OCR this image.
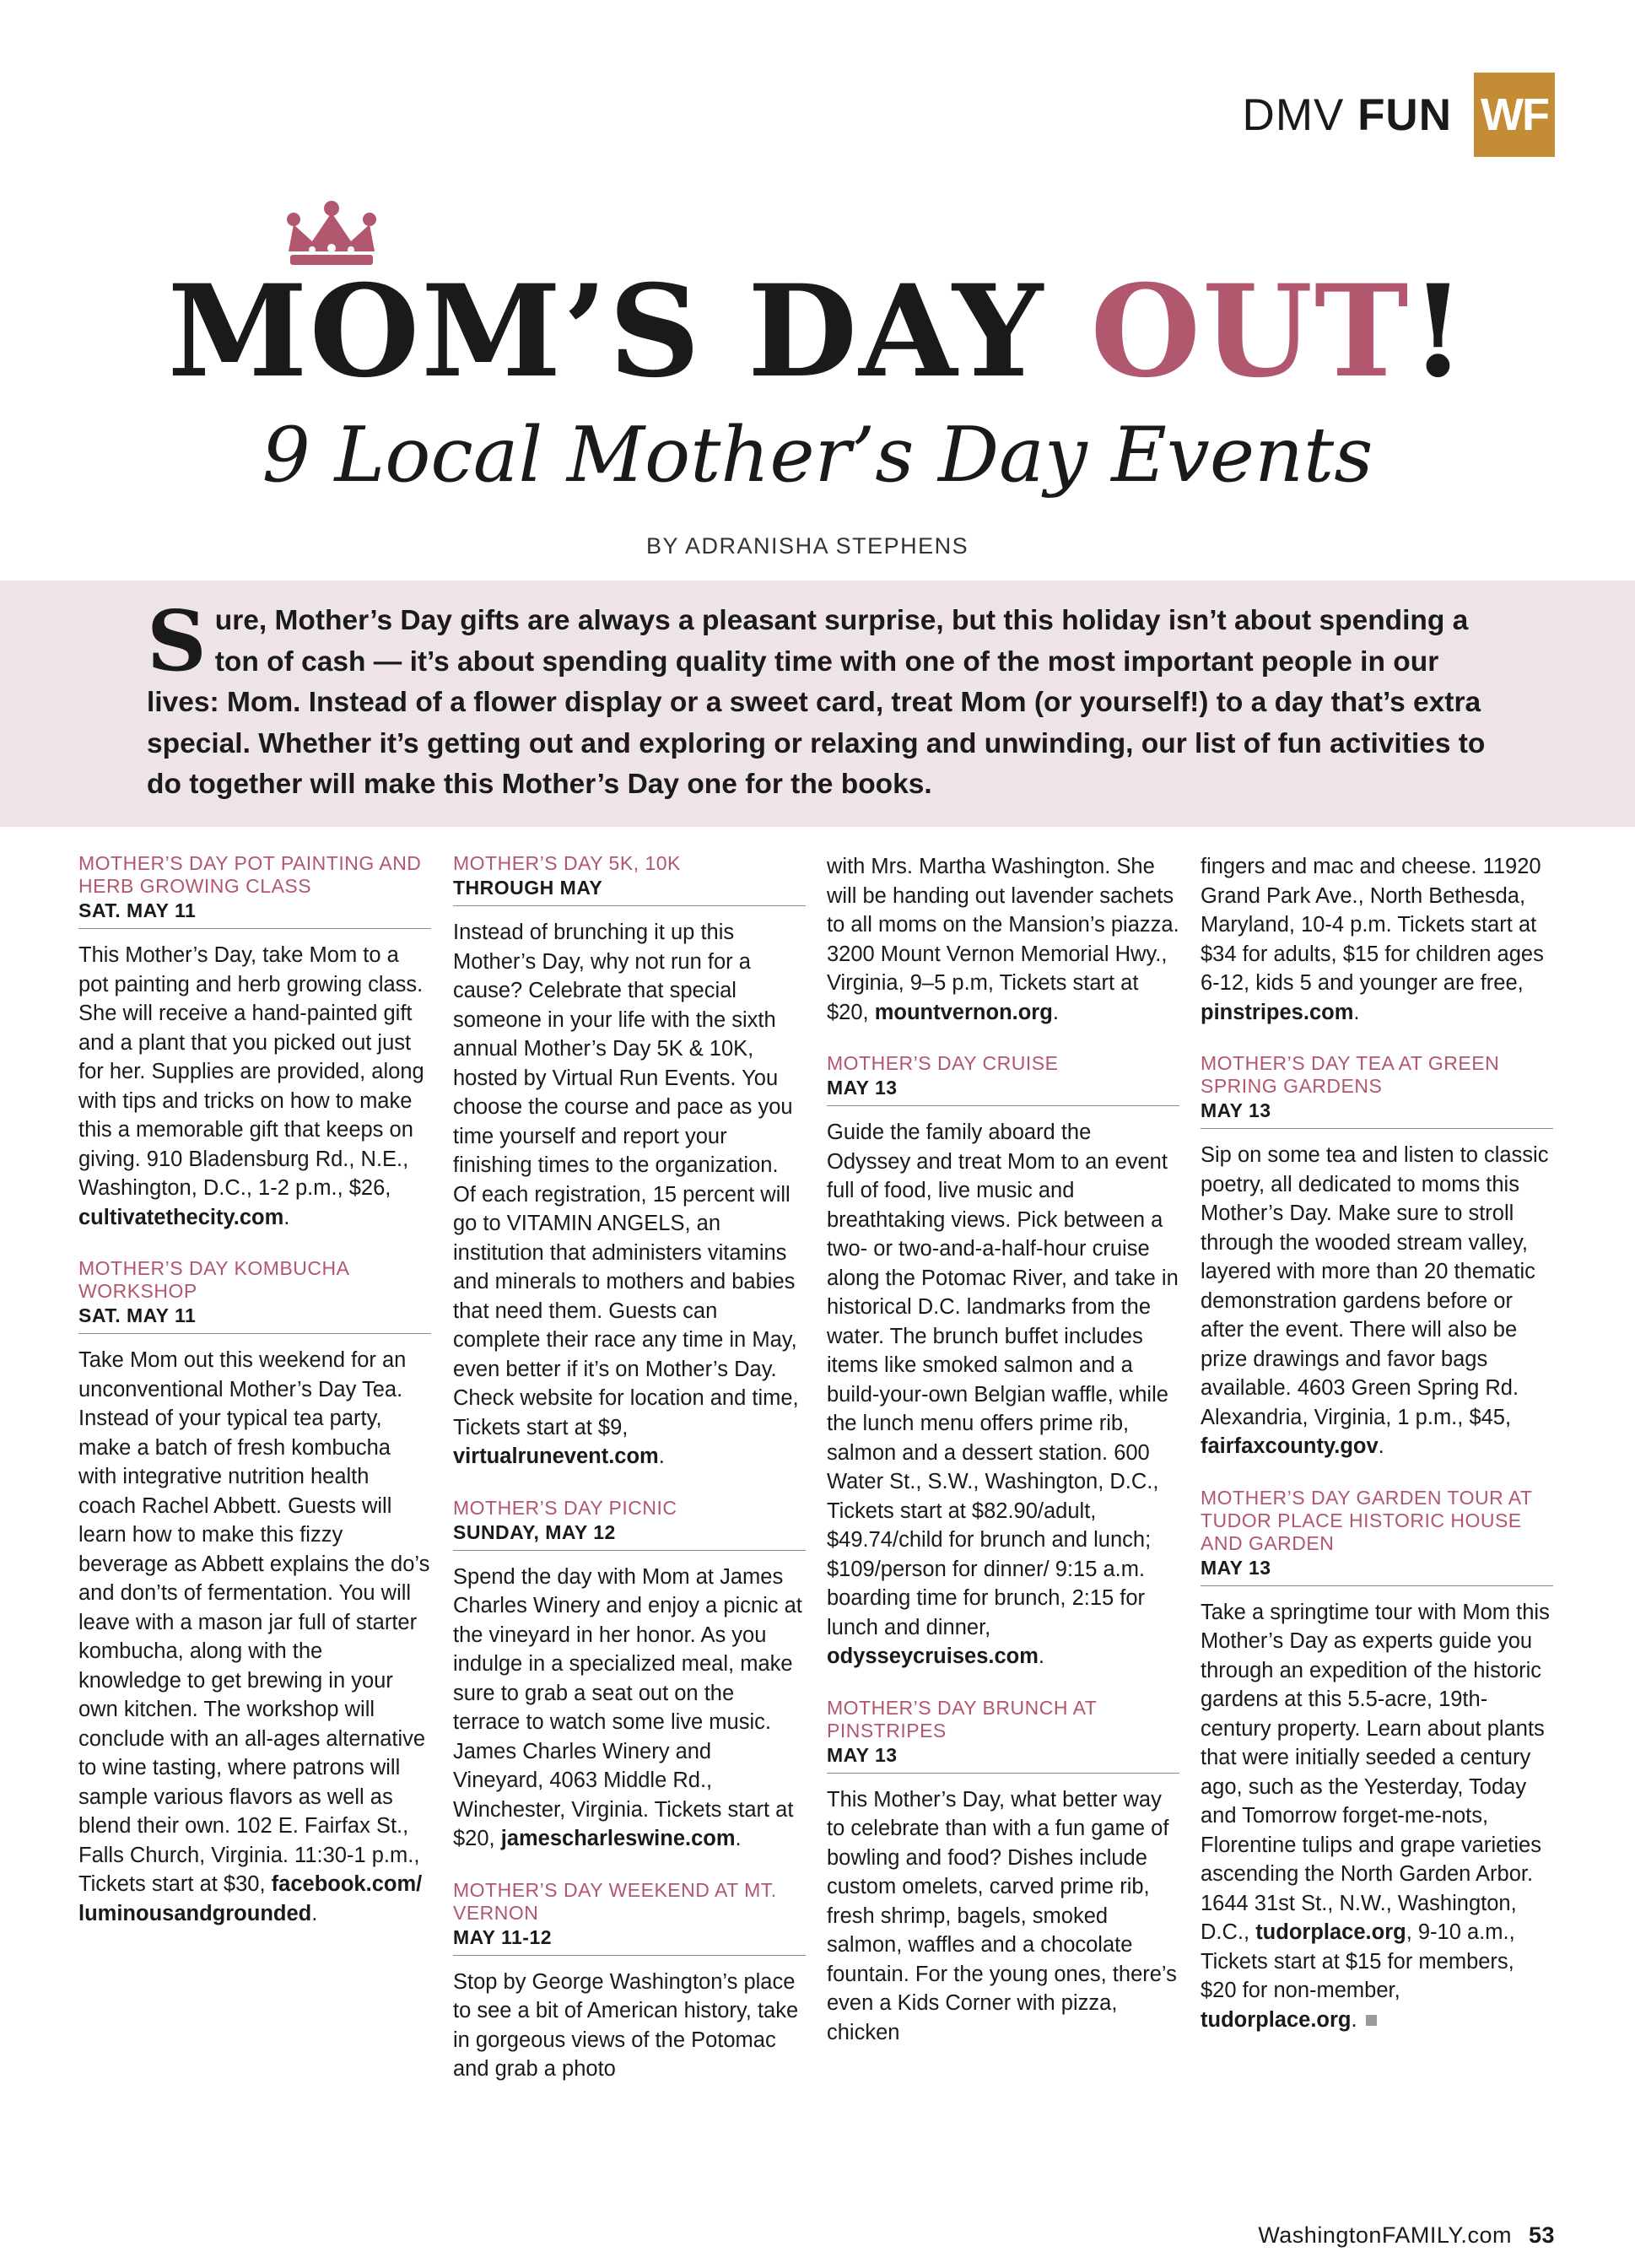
DMV FUN WF
MOM’S DAY OUT!
9 Local Mother’s Day Events
BY ADRANISHA STEPHENS
Sure, Mother’s Day gifts are always a pleasant surprise, but this holiday isn’t about spending a ton of cash — it’s about spending quality time with one of the most important people in our lives: Mom. Instead of a flower display or a sweet card, treat Mom (or yourself!) to a day that’s extra special. Whether it’s getting out and exploring or relaxing and unwinding, our list of fun activities to do together will make this Mother’s Day one for the books.
MOTHER’S DAY POT PAINTING AND HERB GROWING CLASS
SAT. MAY 11
This Mother’s Day, take Mom to a pot painting and herb growing class. She will receive a hand-painted gift and a plant that you picked out just for her. Supplies are provided, along with tips and tricks on how to make this a memorable gift that keeps on giving. 910 Bladensburg Rd., N.E., Washington, D.C., 1-2 p.m., $26, cultivatethecity.com.
MOTHER’S DAY KOMBUCHA WORKSHOP
SAT. MAY 11
Take Mom out this weekend for an unconventional Mother’s Day Tea. Instead of your typical tea party, make a batch of fresh kombucha with integrative nutrition health coach Rachel Abbett. Guests will learn how to make this fizzy beverage as Abbett explains the do’s and don’ts of fermentation. You will leave with a mason jar full of starter kombucha, along with the knowledge to get brewing in your own kitchen. The workshop will conclude with an all-ages alternative to wine tasting, where patrons will sample various flavors as well as blend their own. 102 E. Fairfax St., Falls Church, Virginia. 11:30-1 p.m., Tickets start at $30, facebook.com/ luminousandgrounded.
MOTHER’S DAY 5K, 10K
THROUGH MAY
Instead of brunching it up this Mother’s Day, why not run for a cause? Celebrate that special someone in your life with the sixth annual Mother’s Day 5K & 10K, hosted by Virtual Run Events. You choose the course and pace as you time yourself and report your finishing times to the organization. Of each registration, 15 percent will go to VITAMIN ANGELS, an institution that administers vitamins and minerals to mothers and babies that need them. Guests can complete their race any time in May, even better if it’s on Mother’s Day. Check website for location and time, Tickets start at $9, virtualrunevent.com.
MOTHER’S DAY PICNIC
SUNDAY, MAY 12
Spend the day with Mom at James Charles Winery and enjoy a picnic at the vineyard in her honor. As you indulge in a specialized meal, make sure to grab a seat out on the terrace to watch some live music. James Charles Winery and Vineyard, 4063 Middle Rd., Winchester, Virginia. Tickets start at $20, jamescharleswine.com.
MOTHER’S DAY WEEKEND AT MT. VERNON
MAY 11-12
Stop by George Washington’s place to see a bit of American history, take in gorgeous views of the Potomac and grab a photo
with Mrs. Martha Washington. She will be handing out lavender sachets to all moms on the Mansion’s piazza. 3200 Mount Vernon Memorial Hwy., Virginia, 9–5 p.m, Tickets start at $20, mountvernon.org.
MOTHER’S DAY CRUISE
MAY 13
Guide the family aboard the Odyssey and treat Mom to an event full of food, live music and breathtaking views. Pick between a two- or two-and-a-half-hour cruise along the Potomac River, and take in historical D.C. landmarks from the water. The brunch buffet includes items like smoked salmon and a build-your-own Belgian waffle, while the lunch menu offers prime rib, salmon and a dessert station. 600 Water St., S.W., Washington, D.C., Tickets start at $82.90/adult, $49.74/child for brunch and lunch; $109/person for dinner/ 9:15 a.m. boarding time for brunch, 2:15 for lunch and dinner, odysseycruises.com.
MOTHER’S DAY BRUNCH AT PINSTRIPES
MAY 13
This Mother’s Day, what better way to celebrate than with a fun game of bowling and food? Dishes include custom omelets, carved prime rib, fresh shrimp, bagels, smoked salmon, waffles and a chocolate fountain. For the young ones, there’s even a Kids Corner with pizza, chicken
fingers and mac and cheese. 11920 Grand Park Ave., North Bethesda, Maryland, 10-4 p.m. Tickets start at $34 for adults, $15 for children ages 6-12, kids 5 and younger are free, pinstripes.com.
MOTHER’S DAY TEA AT GREEN SPRING GARDENS
MAY 13
Sip on some tea and listen to classic poetry, all dedicated to moms this Mother’s Day. Make sure to stroll through the wooded stream valley, layered with more than 20 thematic demonstration gardens before or after the event. There will also be prize drawings and favor bags available. 4603 Green Spring Rd. Alexandria, Virginia, 1 p.m., $45, fairfaxcounty.gov.
MOTHER’S DAY GARDEN TOUR AT TUDOR PLACE HISTORIC HOUSE AND GARDEN
MAY 13
Take a springtime tour with Mom this Mother’s Day as experts guide you through an expedition of the historic gardens at this 5.5-acre, 19th-century property. Learn about plants that were initially seeded a century ago, such as the Yesterday, Today and Tomorrow forget-me-nots, Florentine tulips and grape varieties ascending the North Garden Arbor. 1644 31st St., N.W., Washington, D.C., tudorplace.org, 9-10 a.m., Tickets start at $15 for members, $20 for non-member, tudorplace.org.
WashingtonFAMILY.com 53
